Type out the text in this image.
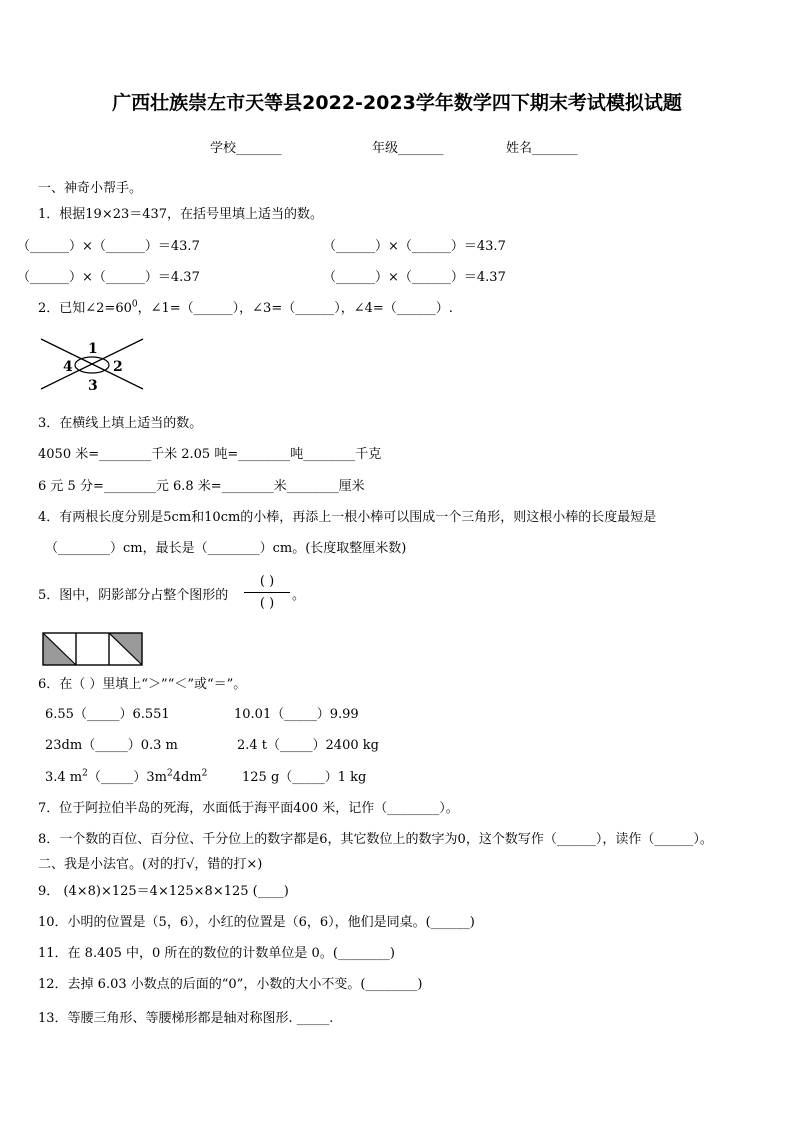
广西壮族崇左市天等县2022-2023学年数学四下期末考试模拟试题
学校_______	年级_______	姓名_______
一、神奇小帮手。
1．根据19×23＝437，在括号里填上适当的数。
（______）×（______）＝43.7	（______）×（______）＝43.7
（______）×（______）＝4.37	（______）×（______）＝4.37
2．已知$\angle 2=60^0$，∠1=（______），∠3=（______），∠4=（______）.
1
2
3
4
3．在横线上填上适当的数。
4050 米=________千米 2.05 吨=________吨________千克
6 元 5 分=________元 6.8 米=________米________厘米
4．有两根长度分别是5cm和10cm的小棒，再添上一根小棒可以围成一个三角形，则这根小棒的长度最短是
（________）cm，最长是（________）cm。(长度取整厘米数)
5．图中，阴影部分占整个图形的
( )
( )
。
6．在（ ）里填上“＞”“＜”或“＝”。
6.55（_____）6.551	10.01（_____）9.99
23dm（_____）0.3 m	2.4 t（_____）2400 kg
3.4 $m^2(\_\_\_\_\_)3m^24dm^2$	125 g（_____）1 kg
7．位于阿拉伯半岛的死海，水面低于海平面400 米，记作（________）。
8．一个数的百位、百分位、千分位上的数字都是6，其它数位上的数字为0，这个数写作（______），读作（______）。
二、我是小法官。(对的打√，错的打×)
9． (4×8)×125＝4×125×8×125 (____)
10．小明的位置是（5，6），小红的位置是（6，6），他们是同桌。(______)
11．在 8.405 中，0 所在的数位的计数单位是 0。(________)
12．去掉 6.03 小数点的后面的“0”，小数的大小不变。(________)
13．等腰三角形、等腰梯形都是轴对称图形. _____.
